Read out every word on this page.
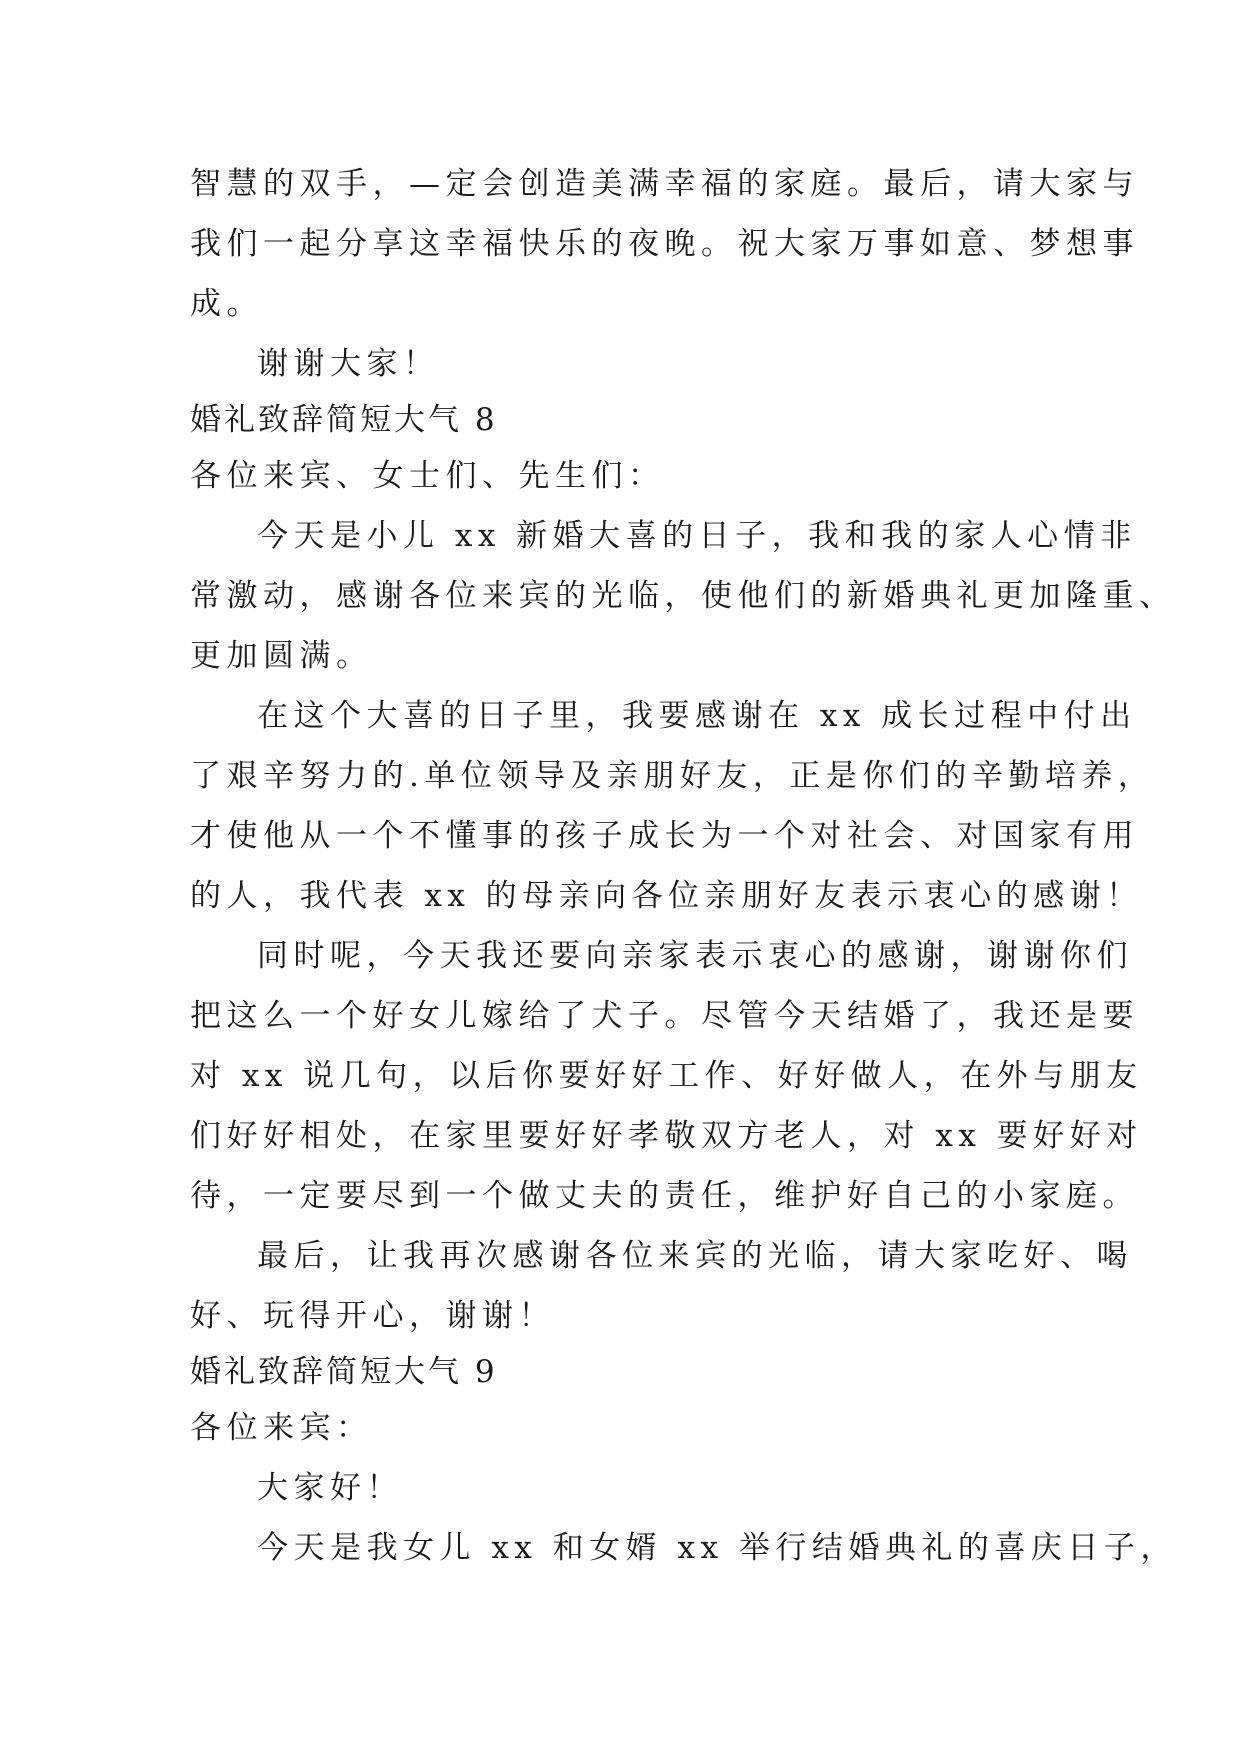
智慧的双手，—定会创造美满幸福的家庭。最后，请大家与
我们一起分享这幸福快乐的夜晚。祝大家万事如意、梦想事
成。
谢谢大家！
婚礼致辞简短大气 8
各位来宾、女士们、先生们：
今天是小儿 xx 新婚大喜的日子，我和我的家人心情非
常激动，感谢各位来宾的光临，使他们的新婚典礼更加隆重、
更加圆满。
在这个大喜的日子里，我要感谢在 xx 成长过程中付出
了艰辛努力的.单位领导及亲朋好友，正是你们的辛勤培养，
才使他从一个不懂事的孩子成长为一个对社会、对国家有用
的人，我代表 xx 的母亲向各位亲朋好友表示衷心的感谢！
同时呢，今天我还要向亲家表示衷心的感谢，谢谢你们
把这么一个好女儿嫁给了犬子。尽管今天结婚了，我还是要
对 xx 说几句，以后你要好好工作、好好做人，在外与朋友
们好好相处，在家里要好好孝敬双方老人，对 xx 要好好对
待，一定要尽到一个做丈夫的责任，维护好自己的小家庭。
最后，让我再次感谢各位来宾的光临，请大家吃好、喝
好、玩得开心，谢谢！
婚礼致辞简短大气 9
各位来宾：
大家好！
今天是我女儿 xx 和女婿 xx 举行结婚典礼的喜庆日子，
